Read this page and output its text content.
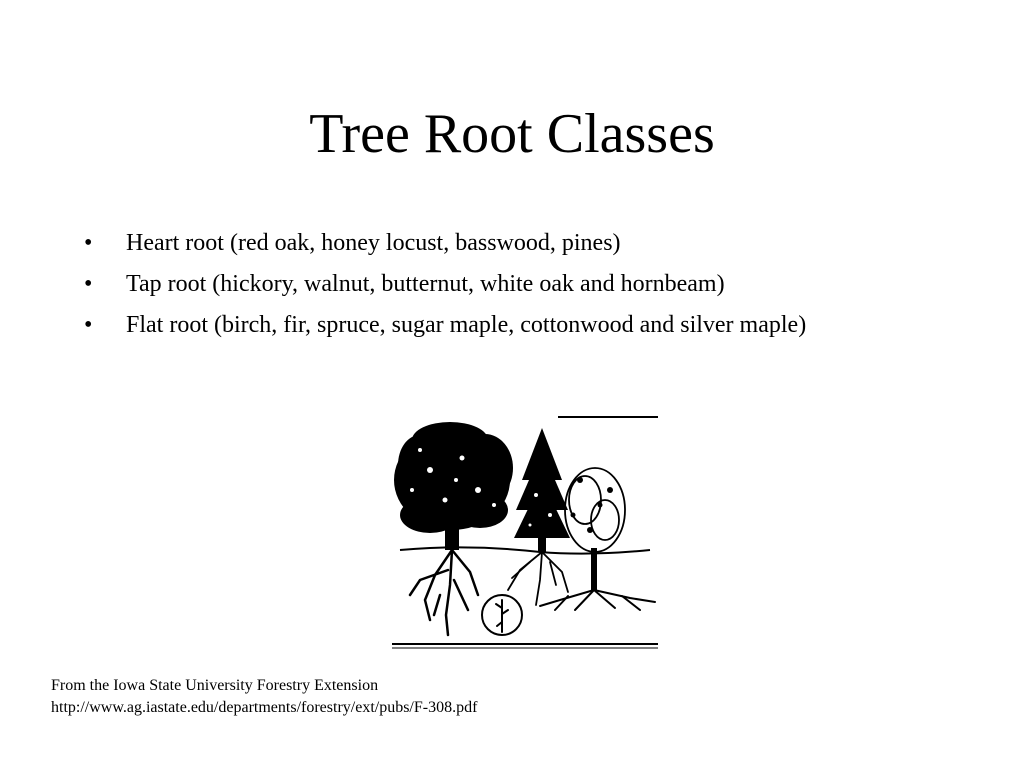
Tree Root Classes
• Heart root (red oak, honey locust, basswood, pines)
• Tap root (hickory, walnut, butternut, white oak and hornbeam)
• Flat root (birch, fir, spruce, sugar maple, cottonwood and silver maple)
From the Iowa State University Forestry Extension
http://www.ag.iastate.edu/departments/forestry/ext/pubs/F-308.pdf
